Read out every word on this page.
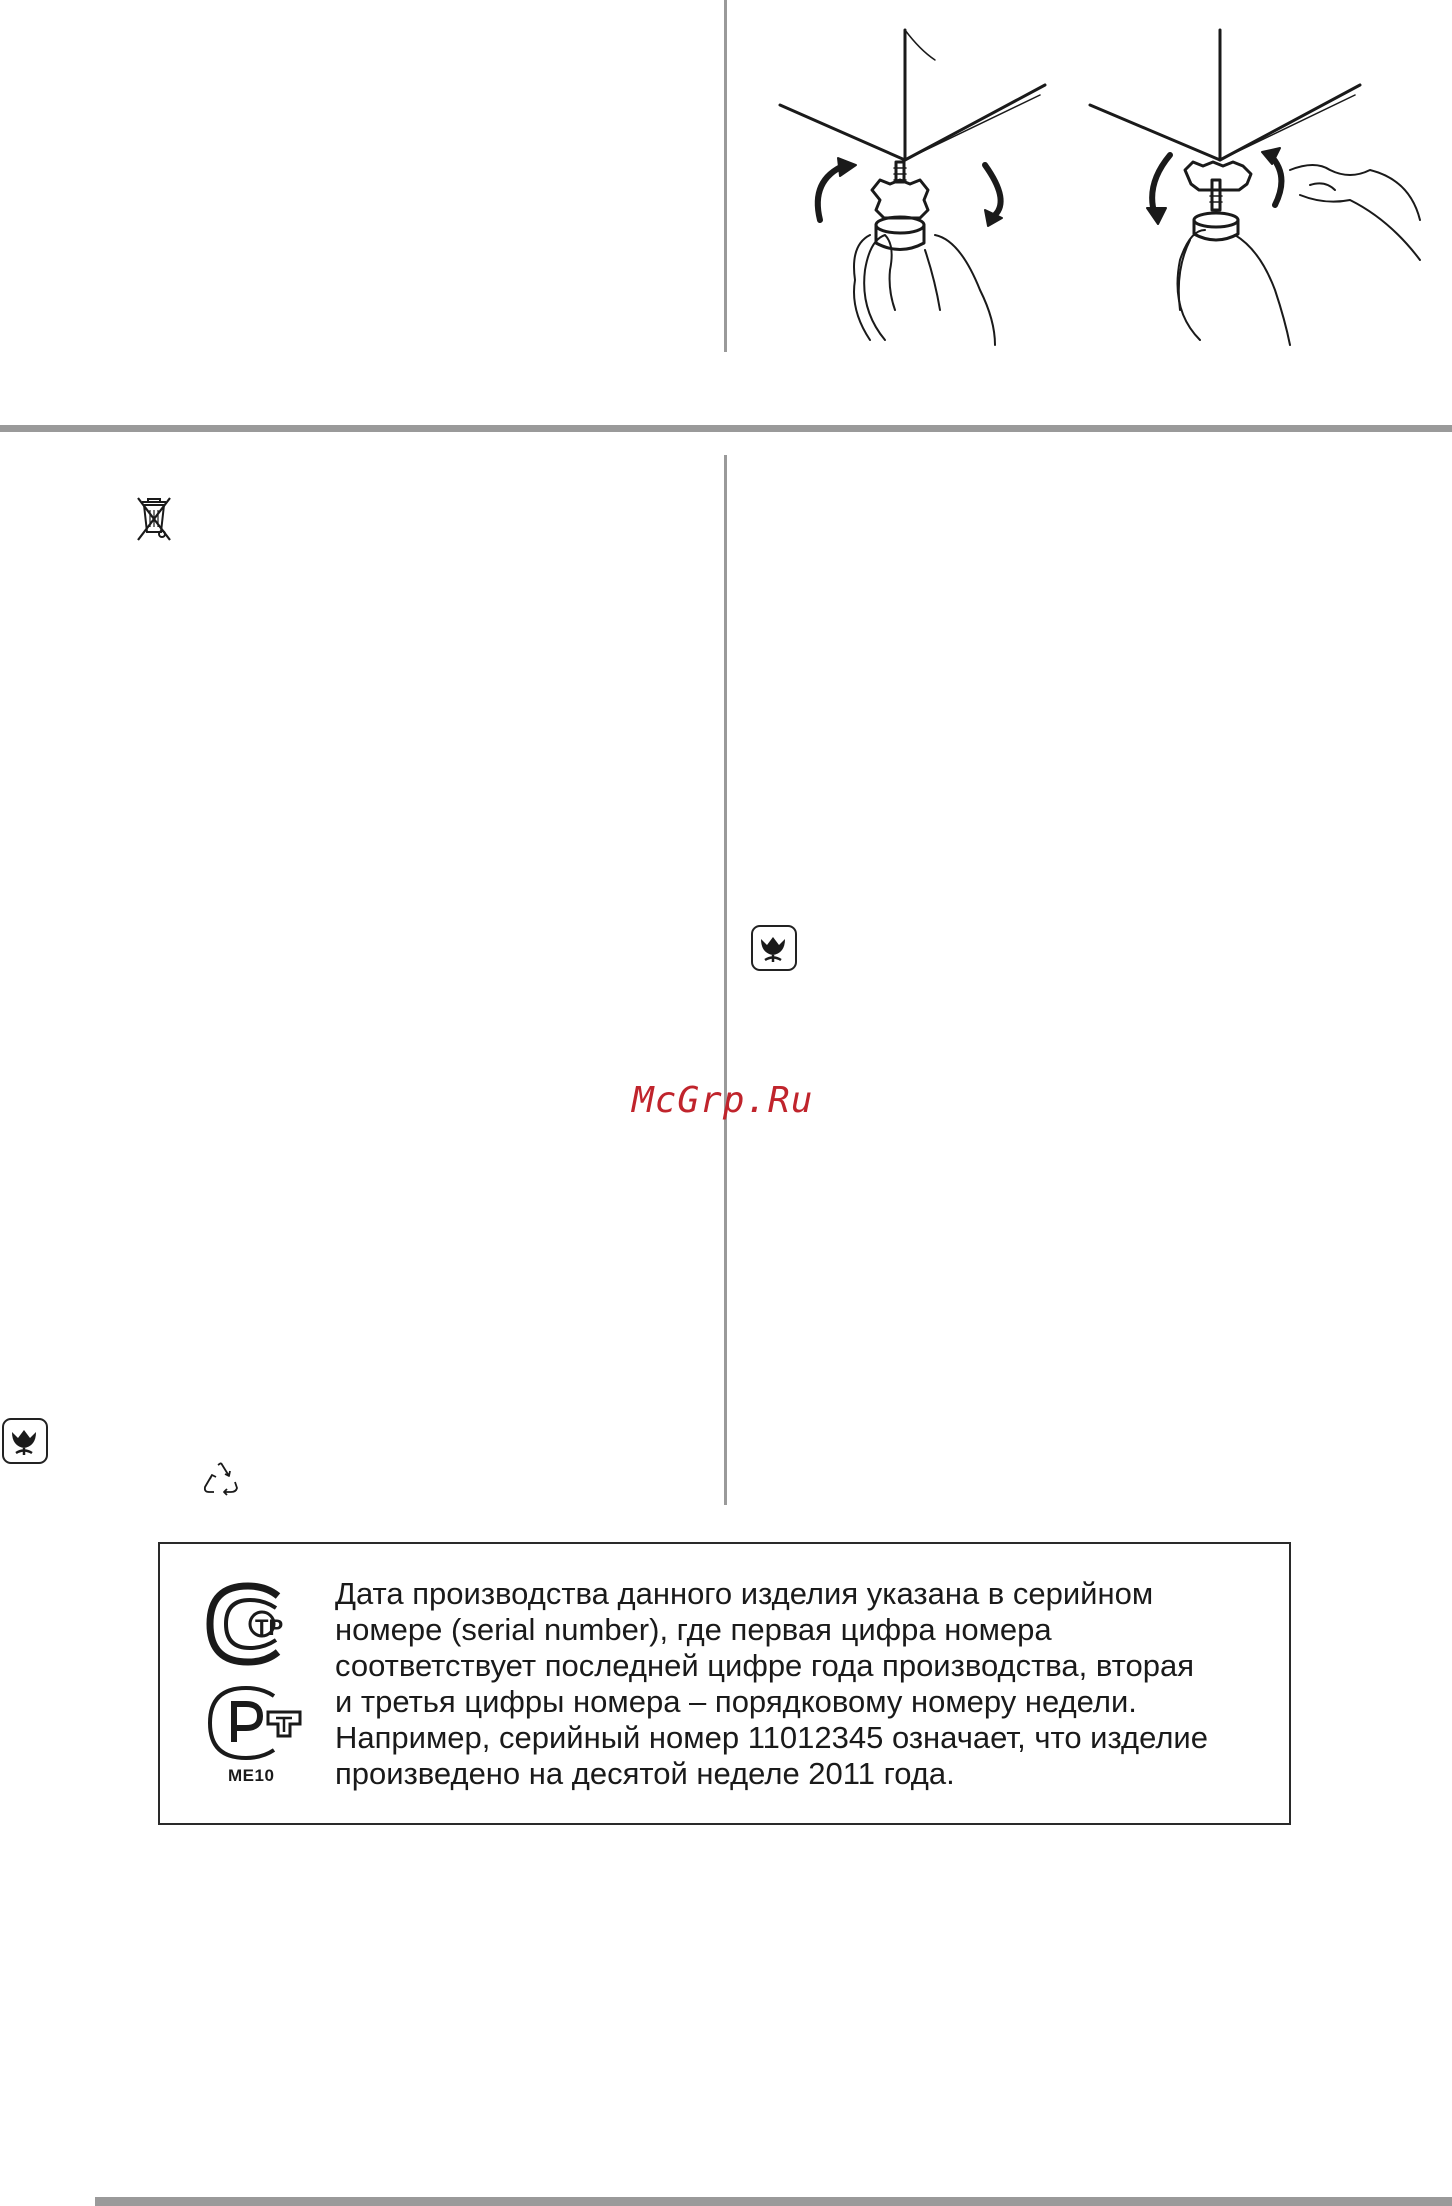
McGrp.Ru
ТР
МЕ10

Дата производства данного изделия указана в серийном
номере (serial number), где первая цифра номера
соответствует последней цифре года производства, вторая
и третья цифры номера – порядковому номеру недели.
Например, серийный номер 11012345 означает, что изделие
произведено на десятой неделе 2011 года.
